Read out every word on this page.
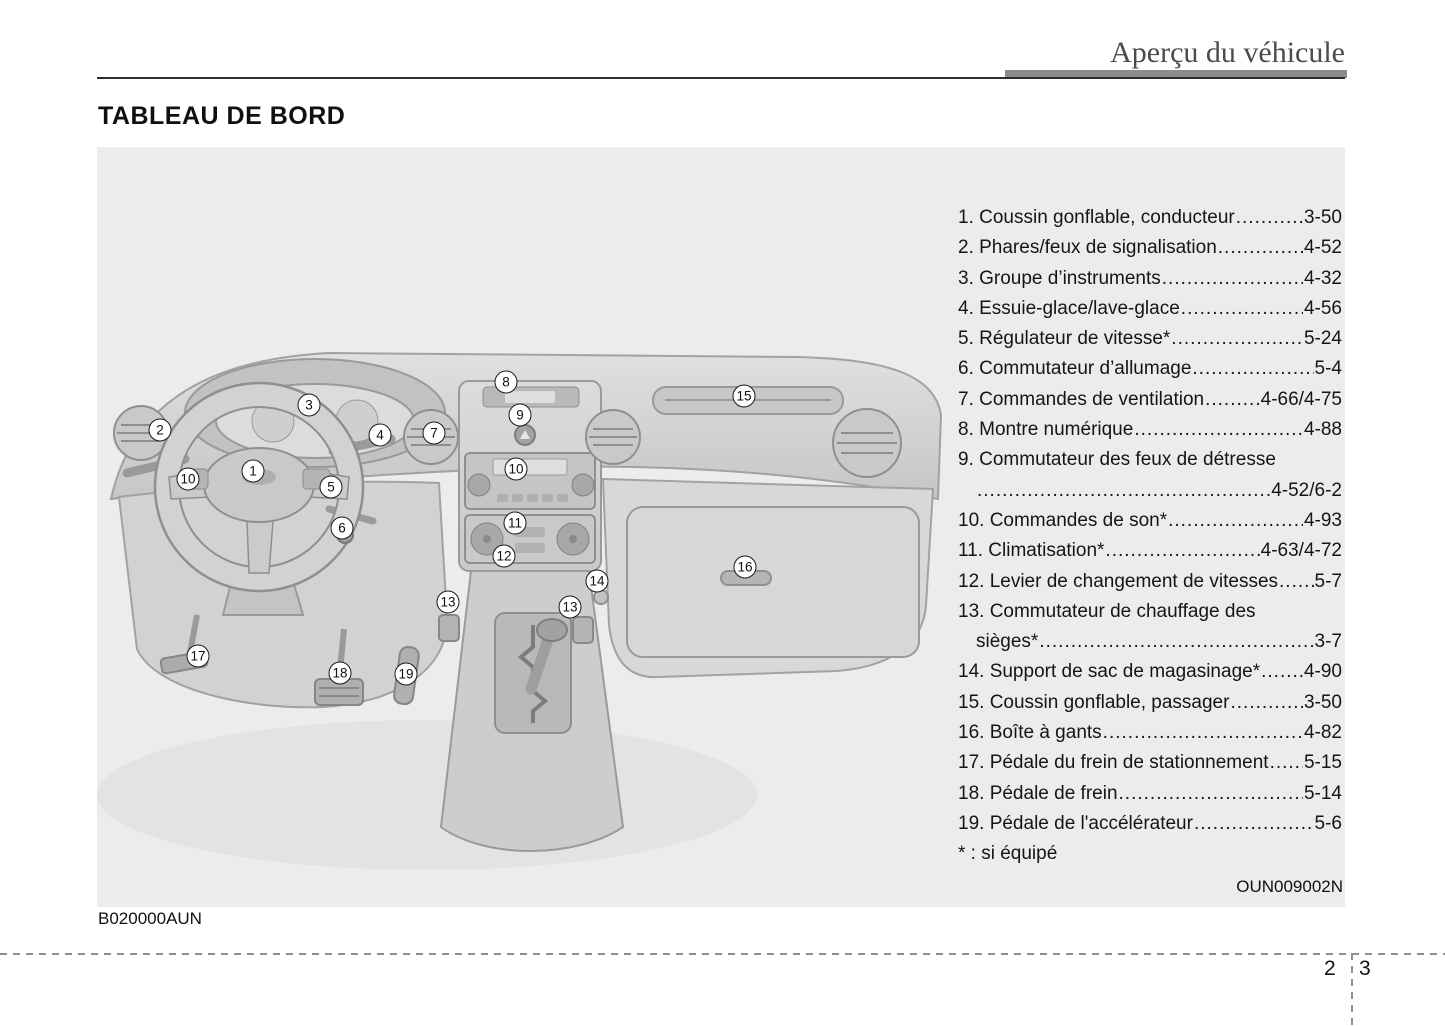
Aperçu du véhicule
TABLEAU DE BORD
8
15
3
9
2	7
4
10
1
10
5
11
6
12
16
14
13	13
17
18	19
1. Coussin gonflable, conducteur .....	3-50
2. Phares/feux de signalisation .....	4-52
3. Groupe d’instruments .....	4-32
4. Essuie-glace/lave-glace .....	4-56
5. Régulateur de vitesse* .....	5-24
6. Commutateur d’allumage .....	5-4
7. Commandes de ventilation .....	4-66/4-75
8. Montre numérique .....	4-88
9. Commutateur des feux de détresse
.....
4-52/6-2
10. Commandes de son* .....	4-93
11. Climatisation* .....	4-63/4-72
12. Levier de changement de vitesses ..... 5-7
13. Commutateur de chauffage des
sièges* .....	3-7
14. Support de sac de magasinage* ..... 4-90
15. Coussin gonflable, passager .....	3-50
16. Boîte à gants .....	4-82
17. Pédale du frein de stationnement ..... 5-15
18. Pédale de frein .....	5-14
19. Pédale de l'accélérateur .....	5-6
* : si équipé
OUN009002N
B020000AUN
2 3
